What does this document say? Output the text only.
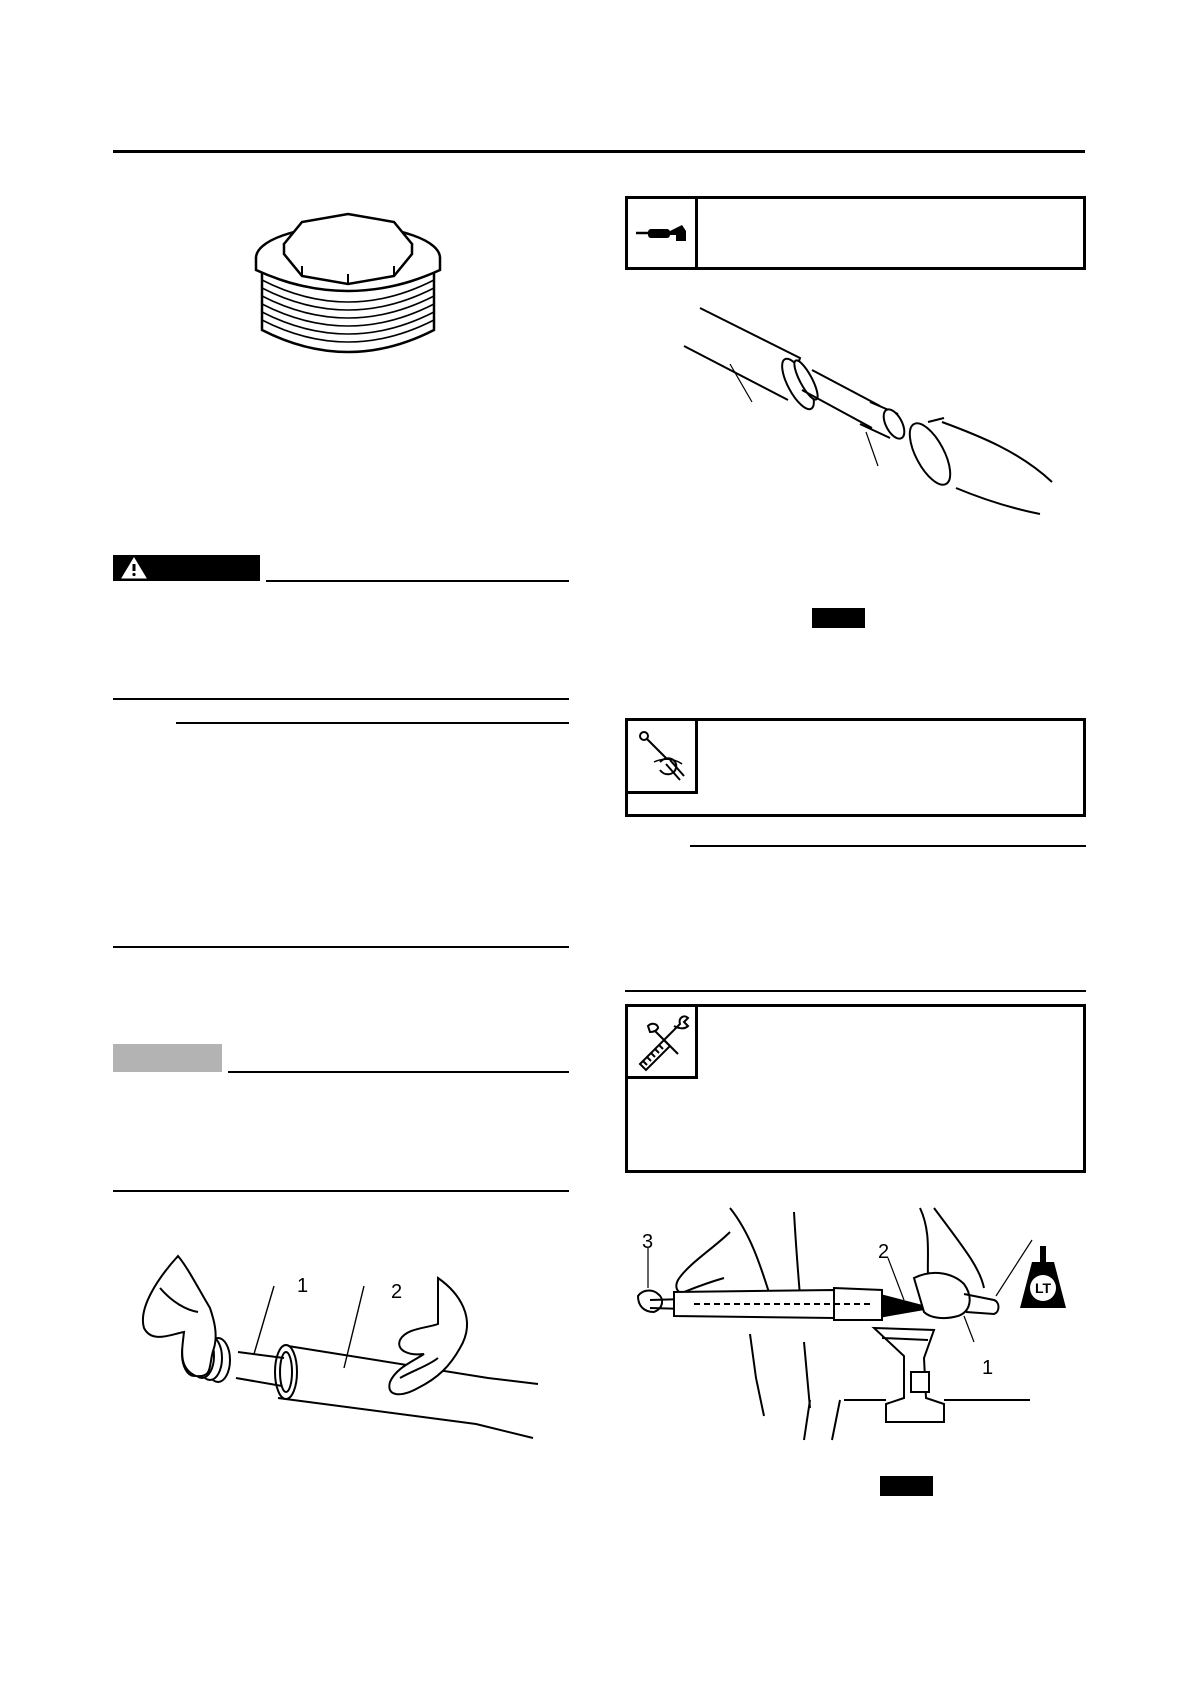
1	2
3	2
1
LT
